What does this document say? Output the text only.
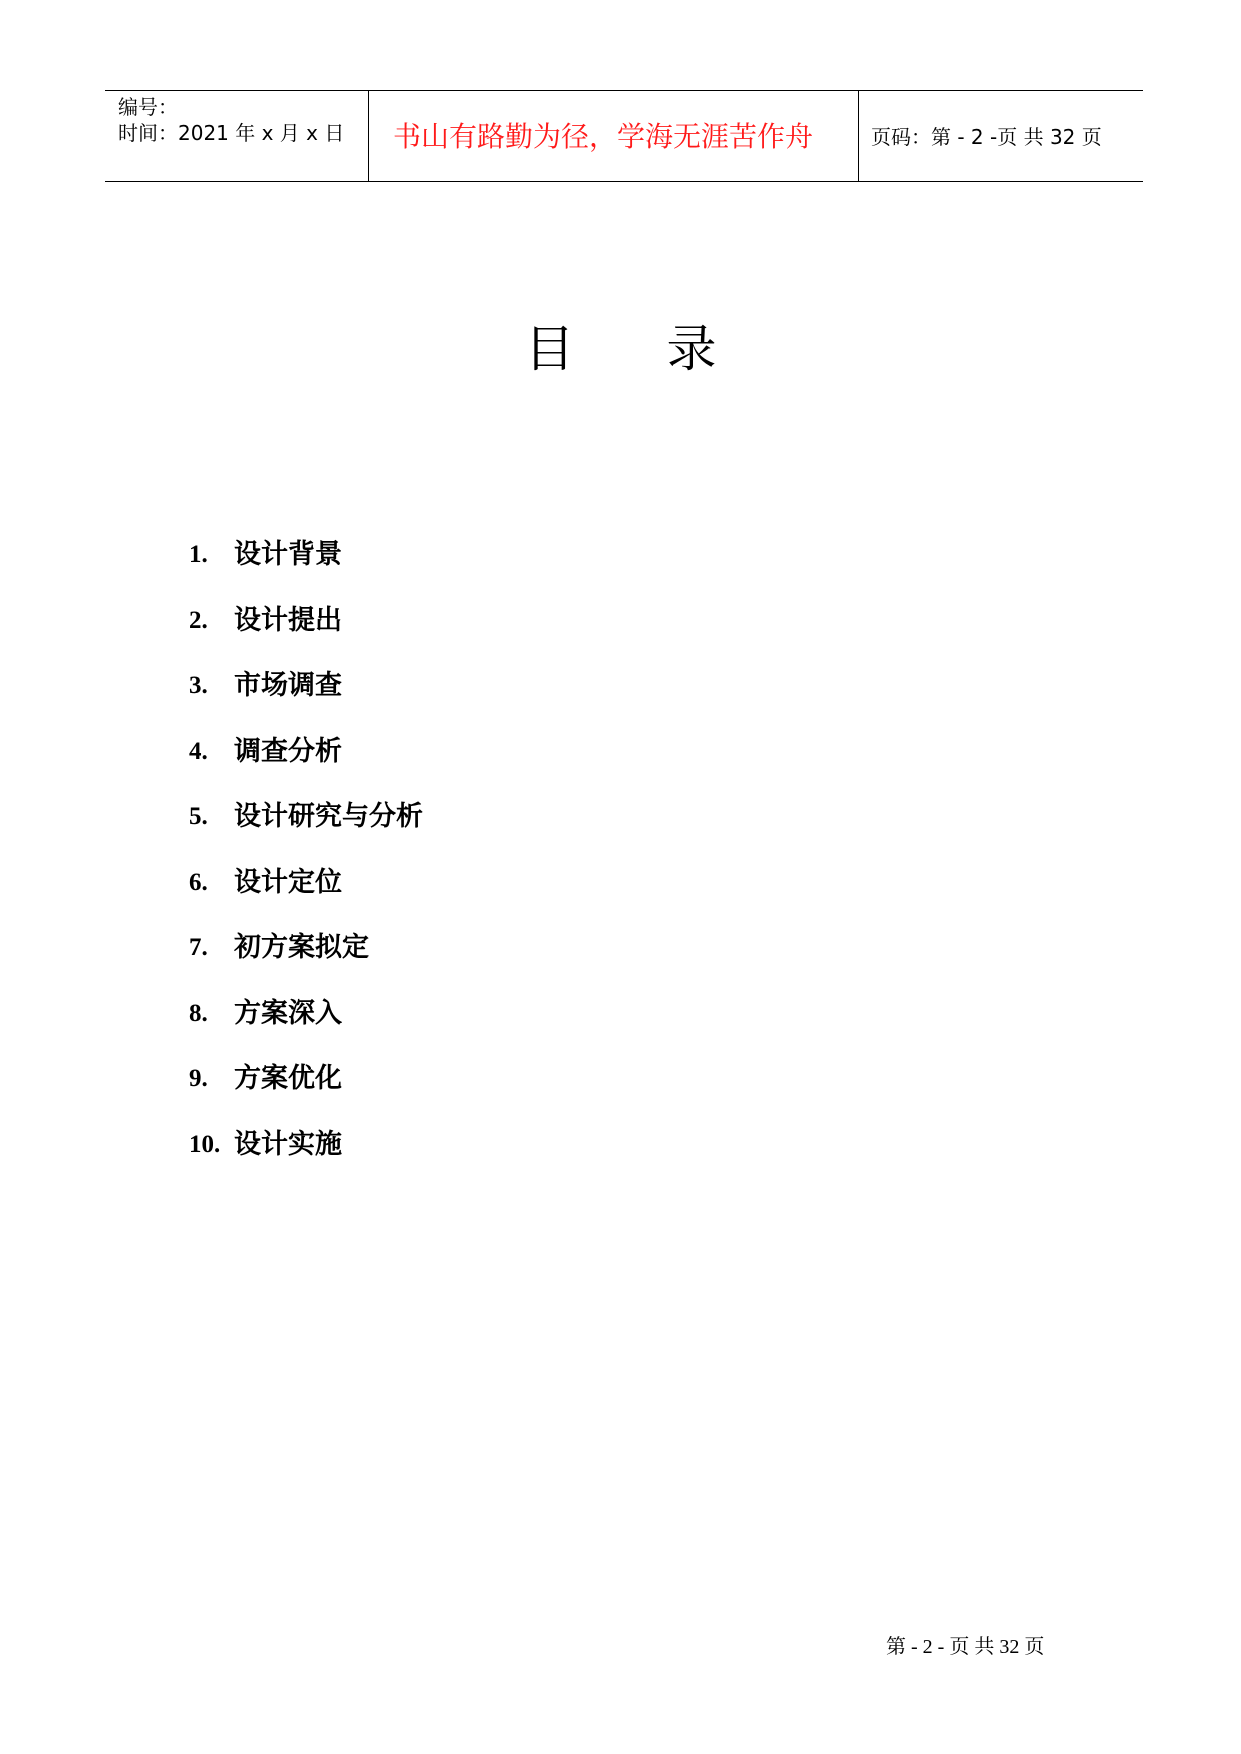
编号：
时间：2021 年 x 月 x 日 书山有路勤为径，学海无涯苦作舟	页码：第 - 2 -页 共 32 页
目录
1. 设计背景
2. 设计提出
3. 市场调查
4. 调查分析
5. 设计研究与分析
6. 设计定位
7. 初方案拟定
8. 方案深入
9. 方案优化
10. 设计实施
第 - 2 - 页 共 32 页
